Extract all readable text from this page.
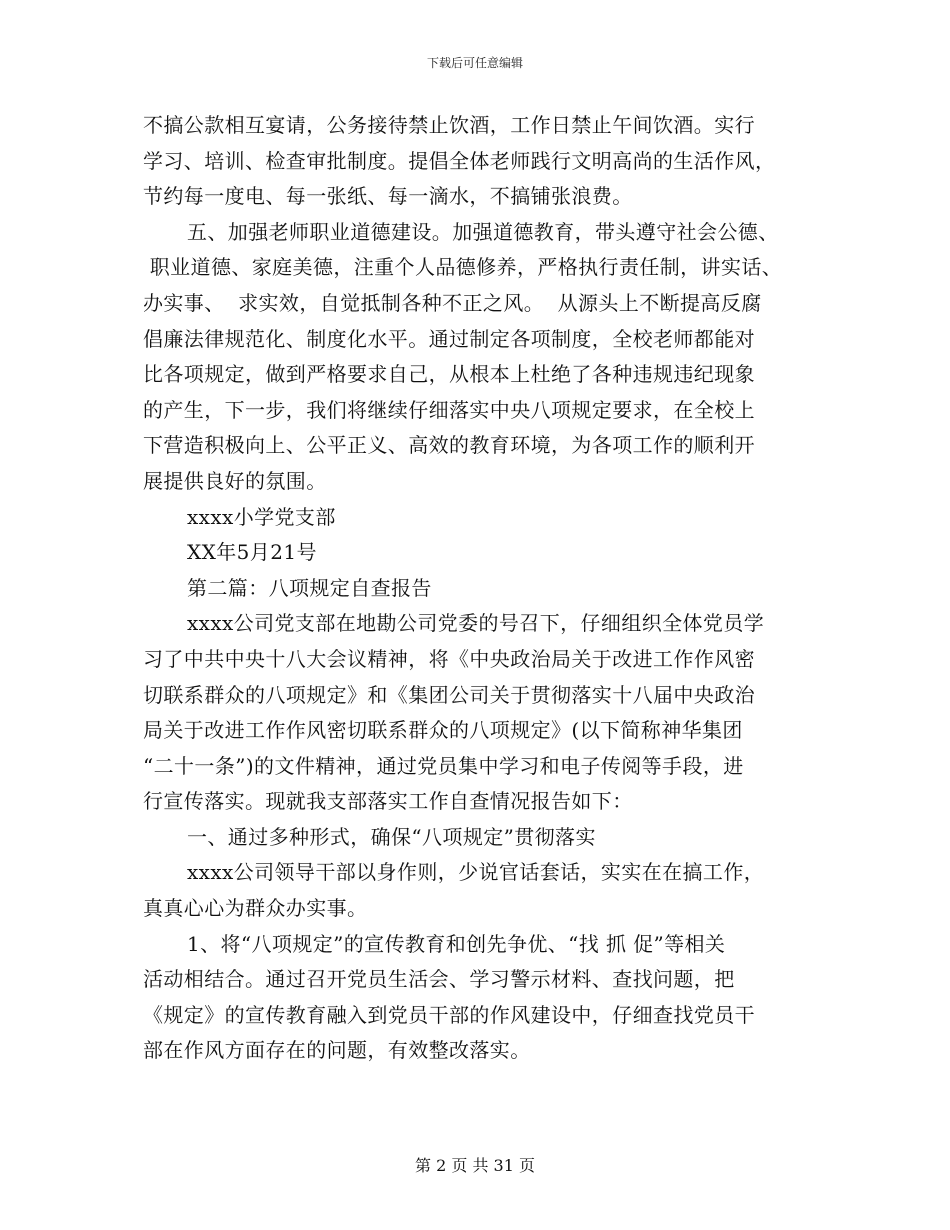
下载后可任意编辑
不搞公款相互宴请，公务接待禁止饮酒，工作日禁止午间饮酒。实行
学习、培训、检查审批制度。提倡全体老师践行文明高尚的生活作风，
节约每一度电、每一张纸、每一滴水，不搞铺张浪费。
五、加强老师职业道德建设。加强道德教育，带头遵守社会公德、
职业道德、家庭美德，注重个人品德修养，严格执行责任制，讲实话、
办实事、  求实效，自觉抵制各种不正之风。  从源头上不断提高反腐
倡廉法律规范化、制度化水平。通过制定各项制度，全校老师都能对
比各项规定，做到严格要求自己，从根本上杜绝了各种违规违纪现象
的产生，下一步，我们将继续仔细落实中央八项规定要求，在全校上
下营造积极向上、公平正义、高效的教育环境，为各项工作的顺利开
展提供良好的氛围。
xxxx小学党支部
XX年5月21号
第二篇：八项规定自查报告
xxxx公司党支部在地勘公司党委的号召下，仔细组织全体党员学
习了中共中央十八大会议精神，将《中央政治局关于改进工作作风密
切联系群众的八项规定》和《集团公司关于贯彻落实十八届中央政治
局关于改进工作作风密切联系群众的八项规定》(以下简称神华集团
“二十一条”)的文件精神，通过党员集中学习和电子传阅等手段，进
行宣传落实。现就我支部落实工作自查情况报告如下：
一、通过多种形式，确保“八项规定”贯彻落实
xxxx公司领导干部以身作则，少说官话套话，实实在在搞工作，
真真心心为群众办实事。
1、将“八项规定”的宣传教育和创先争优、“找 抓 促”等相关
活动相结合。通过召开党员生活会、学习警示材料、查找问题，把
《规定》的宣传教育融入到党员干部的作风建设中，仔细查找党员干
部在作风方面存在的问题，有效整改落实。
第 2 页 共 31 页
